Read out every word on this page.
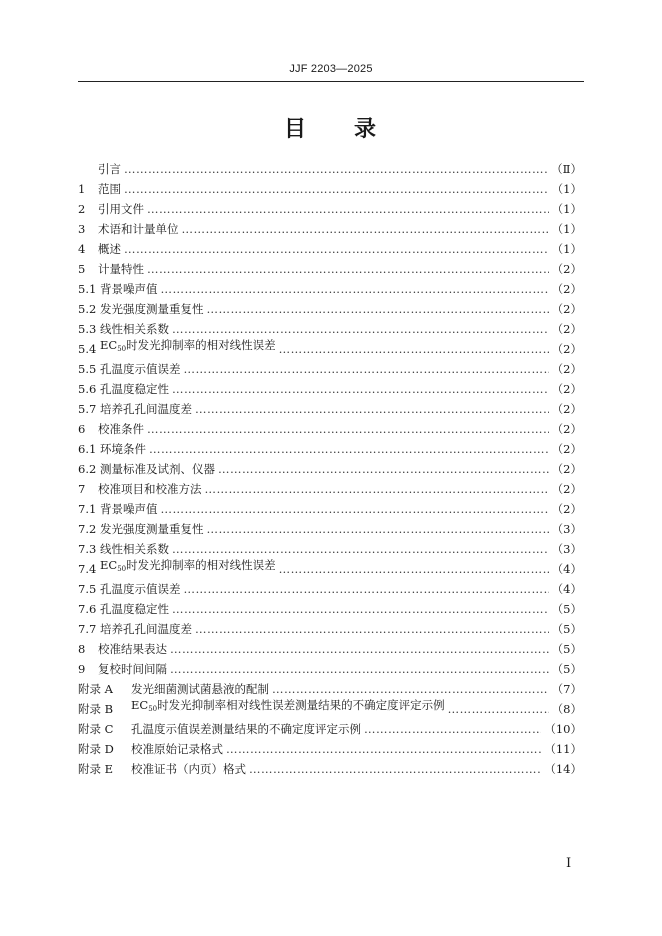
JJF 2203—2025
目 录
引言 ……………………………………………………………………………………………………………………………………………………………………………………	（Ⅱ）
1	范围 ……………………………………………………………………………………………………………………………………………………………………………………	（1）
2	引用文件 ……………………………………………………………………………………………………………………………………………………………………………………	（1）
3	术语和计量单位 ……………………………………………………………………………………………………………………………………………………………………………………	（1）
4	概述 ……………………………………………………………………………………………………………………………………………………………………………………	（1）
5	计量特性 ……………………………………………………………………………………………………………………………………………………………………………………	（2）
5.1 背景噪声值 ……………………………………………………………………………………………………………………………………………………………………………………	（2）
5.2 发光强度测量重复性 ……………………………………………………………………………………………………………………………………………………………………………………	（2）
5.3 线性相关系数 ……………………………………………………………………………………………………………………………………………………………………………………	（2）
5.4 $EC_{50}$时发光抑制率的相对线性误差 ……………………………………………………………………………………………………………………………………………………………………………………	（2）
5.5 孔温度示值误差 ……………………………………………………………………………………………………………………………………………………………………………………	（2）
5.6 孔温度稳定性 ……………………………………………………………………………………………………………………………………………………………………………………	（2）
5.7 培养孔孔间温度差 ……………………………………………………………………………………………………………………………………………………………………………………	（2）
6	校准条件 ……………………………………………………………………………………………………………………………………………………………………………………	（2）
6.1 环境条件 ……………………………………………………………………………………………………………………………………………………………………………………	（2）
6.2 测量标准及试剂、仪器 ……………………………………………………………………………………………………………………………………………………………………………………	（2）
7	校准项目和校准方法 ……………………………………………………………………………………………………………………………………………………………………………………	（2）
7.1 背景噪声值 ……………………………………………………………………………………………………………………………………………………………………………………	（2）
7.2 发光强度测量重复性 ……………………………………………………………………………………………………………………………………………………………………………………	（3）
7.3 线性相关系数 ……………………………………………………………………………………………………………………………………………………………………………………	（3）
7.4 $EC_{50}$时发光抑制率的相对线性误差 ……………………………………………………………………………………………………………………………………………………………………………………	（4）
7.5 孔温度示值误差 ……………………………………………………………………………………………………………………………………………………………………………………	（4）
7.6 孔温度稳定性 ……………………………………………………………………………………………………………………………………………………………………………………	（5）
7.7 培养孔孔间温度差 ……………………………………………………………………………………………………………………………………………………………………………………	（5）
8	校准结果表达 ……………………………………………………………………………………………………………………………………………………………………………………	（5）
9	复校时间间隔 ……………………………………………………………………………………………………………………………………………………………………………………	（5）
附录 A	发光细菌测试菌悬液的配制 ……………………………………………………………………………………………………………………………………………………………………………………	（7）
附录 B	$EC_{50}$时发光抑制率相对线性误差测量结果的不确定度评定示例 ……………………………………………………………………………………………………………………………………………………………………………………	（8）
附录 C	孔温度示值误差测量结果的不确定度评定示例 ……………………………………………………………………………………………………………………………………………………………………………………	（10）
附录 D	校准原始记录格式 ……………………………………………………………………………………………………………………………………………………………………………………	（11）
附录 E	校准证书（内页）格式 ……………………………………………………………………………………………………………………………………………………………………………………	（14）
I
